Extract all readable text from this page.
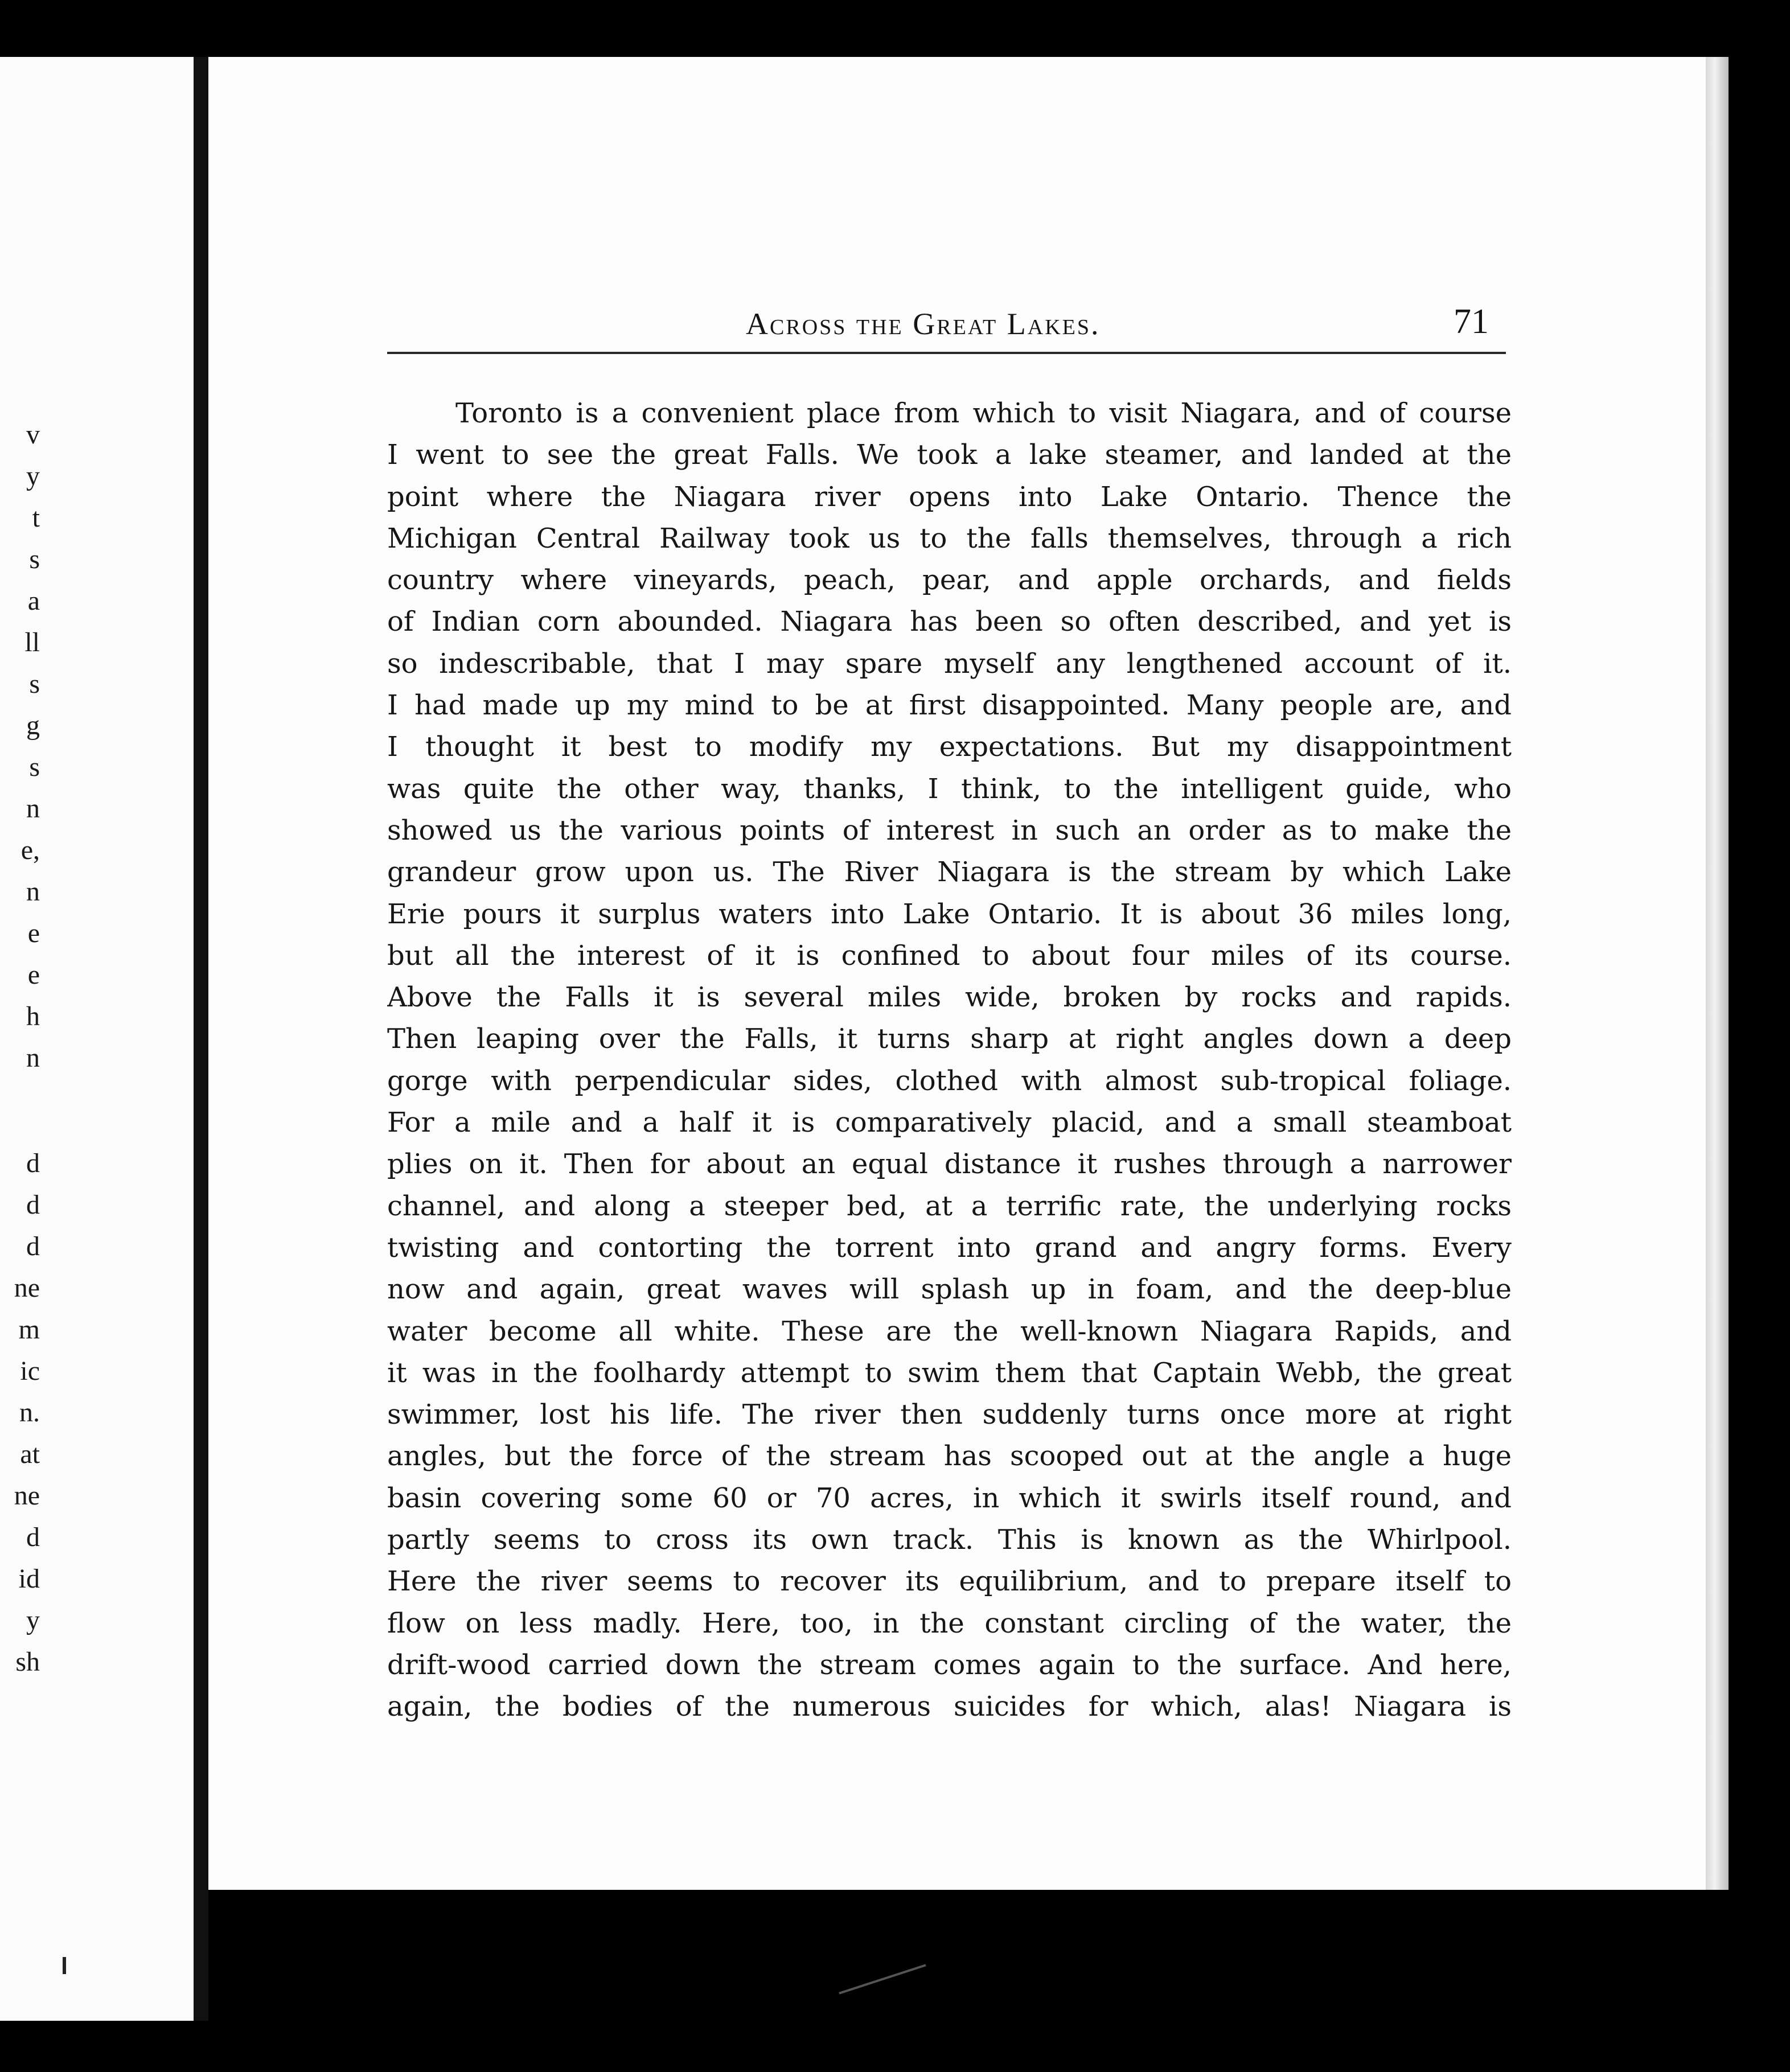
v
y
t
s
a
ll
s
g
s
n
e,
n
e
e
h
n
d
d
d
ne
m
ic
n.
at
ne
d
id
y
sh
Across the Great Lakes.	71
Toronto is a convenient place from which to visit Niagara, and of course
I went to see the great Falls. We took a lake steamer, and landed at the
point where the Niagara river opens into Lake Ontario. Thence the
Michigan Central Railway took us to the falls themselves, through a rich
country where vineyards, peach, pear, and apple orchards, and fields
of Indian corn abounded. Niagara has been so often described, and yet is
so indescribable, that I may spare myself any lengthened account of it.
I had made up my mind to be at first disappointed. Many people are, and
I thought it best to modify my expectations. But my disappointment
was quite the other way, thanks, I think, to the intelligent guide, who
showed us the various points of interest in such an order as to make the
grandeur grow upon us. The River Niagara is the stream by which Lake
Erie pours it surplus waters into Lake Ontario. It is about 36 miles long,
but all the interest of it is confined to about four miles of its course.
Above the Falls it is several miles wide, broken by rocks and rapids.
Then leaping over the Falls, it turns sharp at right angles down a deep
gorge with perpendicular sides, clothed with almost sub-tropical foliage.
For a mile and a half it is comparatively placid, and a small steamboat
plies on it. Then for about an equal distance it rushes through a narrower
channel, and along a steeper bed, at a terrific rate, the underlying rocks
twisting and contorting the torrent into grand and angry forms. Every
now and again, great waves will splash up in foam, and the deep-blue
water become all white. These are the well-known Niagara Rapids, and
it was in the foolhardy attempt to swim them that Captain Webb, the great
swimmer, lost his life. The river then suddenly turns once more at right
angles, but the force of the stream has scooped out at the angle a huge
basin covering some 60 or 70 acres, in which it swirls itself round, and
partly seems to cross its own track. This is known as the Whirlpool.
Here the river seems to recover its equilibrium, and to prepare itself to
flow on less madly. Here, too, in the constant circling of the water, the
drift-wood carried down the stream comes again to the surface. And here,
again, the bodies of the numerous suicides for which, alas! Niagara is
